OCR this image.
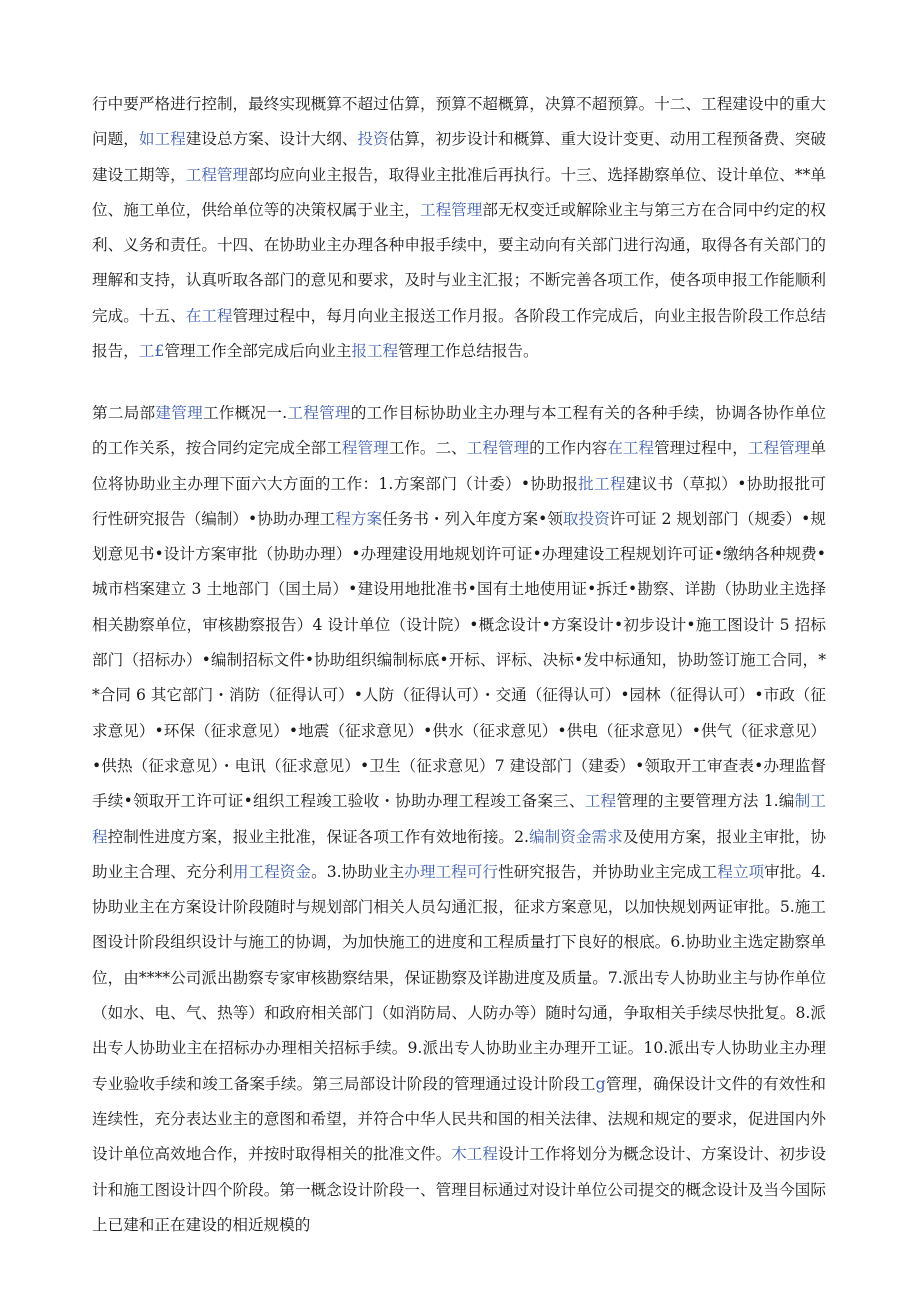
行中要严格进行控制，最终实现概算不超过估算，预算不超概算，决算不超预算。十二、工程建设中的重大问题，如工程建设总方案、设计大纲、投资估算，初步设计和概算、重大设计变更、动用工程预备费、突破建设工期等，工程管理部均应向业主报告，取得业主批准后再执行。十三、选择勘察单位、设计单位、**单位、施工单位，供给单位等的决策权属于业主，工程管理部无权变迁或解除业主与第三方在合同中约定的权利、义务和责任。十四、在协助业主办理各种申报手续中，要主动向有关部门进行沟通，取得各有关部门的理解和支持，认真听取各部门的意见和要求，及时与业主汇报；不断完善各项工作，使各项申报工作能顺利完成。十五、在工程管理过程中，每月向业主报送工作月报。各阶段工作完成后，向业主报告阶段工作总结报告，工£管理工作全部完成后向业主报工程管理工作总结报告。

第二局部建管理工作概况一.工程管理的工作目标协助业主办理与本工程有关的各种手续，协调各协作单位的工作关系，按合同约定完成全部工程管理工作。二、工程管理的工作内容在工程管理过程中，工程管理单位将协助业主办理下面六大方面的工作：1.方案部门（计委）•协助报批工程建议书（草拟）•协助报批可行性研究报告（编制）•协助办理工程方案任务书・列入年度方案•领取投资许可证 2 规划部门（规委）•规划意见书•设计方案审批（协助办理）•办理建设用地规划许可证•办理建设工程规划许可证•缴纳各种规费•城市档案建立 3 土地部门（国土局）•建设用地批准书•国有土地使用证•拆迁•勘察、详勘（协助业主选择相关勘察单位，审核勘察报告）4 设计单位（设计院）•概念设计•方案设计•初步设计•施工图设计 5 招标部门（招标办）•编制招标文件•协助组织编制标底•开标、评标、决标•发中标通知，协助签订施工合同，**合同 6 其它部门・消防（征得认可）•人防（征得认可）・交通（征得认可）•园林（征得认可）•市政（征求意见）•环保（征求意见）•地震（征求意见）•供水（征求意见）•供电（征求意见）•供气（征求意见）•供热（征求意见）・电讯（征求意见）•卫生（征求意见）7 建设部门（建委）•领取开工审查表•办理监督手续•领取开工许可证•组织工程竣工验收・协助办理工程竣工备案三、工程管理的主要管理方法 1.编制工程控制性进度方案，报业主批准，保证各项工作有效地衔接。2.编制资金需求及使用方案，报业主审批，协助业主合理、充分利用工程资金。3.协助业主办理工程可行性研究报告，并协助业主完成工程立项审批。4.协助业主在方案设计阶段随时与规划部门相关人员勾通汇报，征求方案意见，以加快规划两证审批。5.施工图设计阶段组织设计与施工的协调，为加快施工的进度和工程质量打下良好的根底。6.协助业主选定勘察单位，由****公司派出勘察专家审核勘察结果，保证勘察及详勘进度及质量。7.派出专人协助业主与协作单位（如水、电、气、热等）和政府相关部门（如消防局、人防办等）随时勾通，争取相关手续尽快批复。8.派出专人协助业主在招标办办理相关招标手续。9.派出专人协助业主办理开工证。10.派出专人协助业主办理专业验收手续和竣工备案手续。第三局部设计阶段的管理通过设计阶段工g管理，确保设计文件的有效性和连续性，充分表达业主的意图和希望，并符合中华人民共和国的相关法律、法规和规定的要求，促进国内外设计单位高效地合作，并按时取得相关的批准文件。木工程设计工作将划分为概念设计、方案设计、初步设计和施工图设计四个阶段。第一概念设计阶段一、管理目标通过对设计单位公司提交的概念设计及当今国际上已建和正在建设的相近规模的
